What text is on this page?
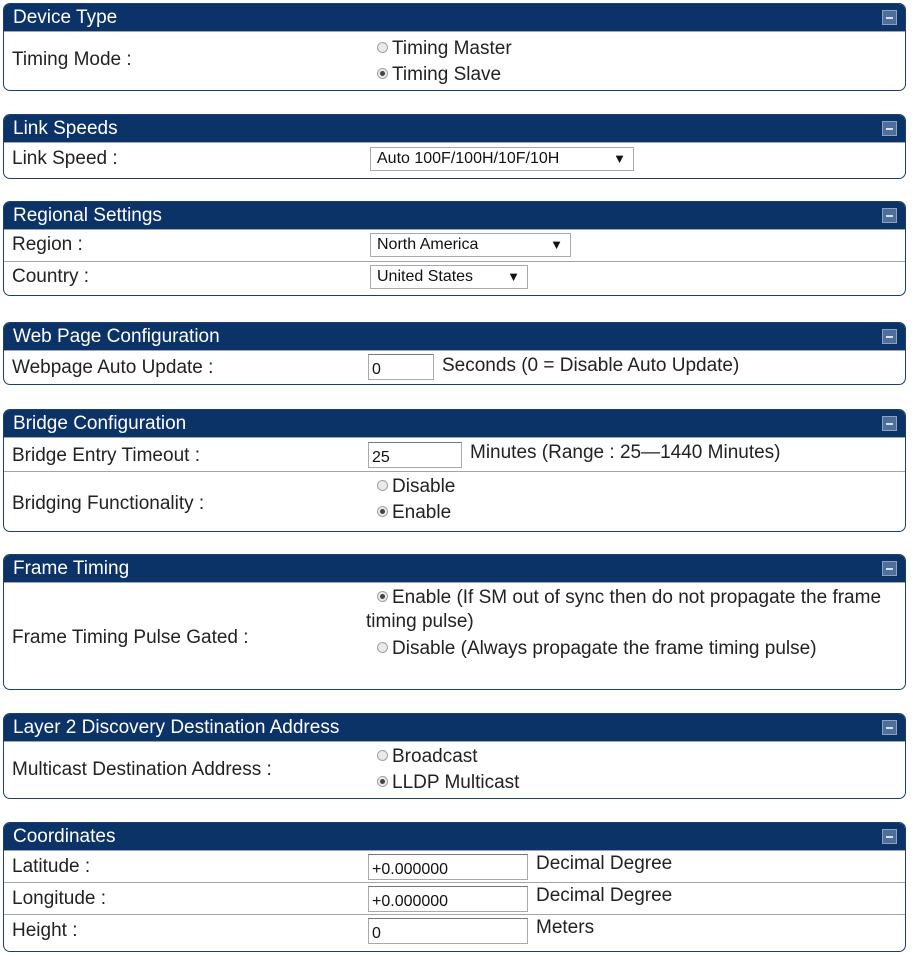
Device Type
Timing Mode :
Timing Master
Timing Slave
Link Speeds
Link Speed :	Auto 100F/100H/10F/10H	▼
Regional Settings
Region :	North America	▼
Country :	United States	▼
Web Page Configuration
Webpage Auto Update :	0	Seconds (0 = Disable Auto Update)
Bridge Configuration
Bridge Entry Timeout :	25	Minutes (Range : 25—1440 Minutes)
Bridging Functionality :
Disable
Enable
Frame Timing
Frame Timing Pulse Gated :
Enable (If SM out of sync then do not propagate the frame timing pulse)
Disable (Always propagate the frame timing pulse)
Layer 2 Discovery Destination Address
Multicast Destination Address :
Broadcast
LLDP Multicast
Coordinates
Latitude :	+0.000000	Decimal Degree
Longitude :	+0.000000	Decimal Degree
Height :	0	Meters
